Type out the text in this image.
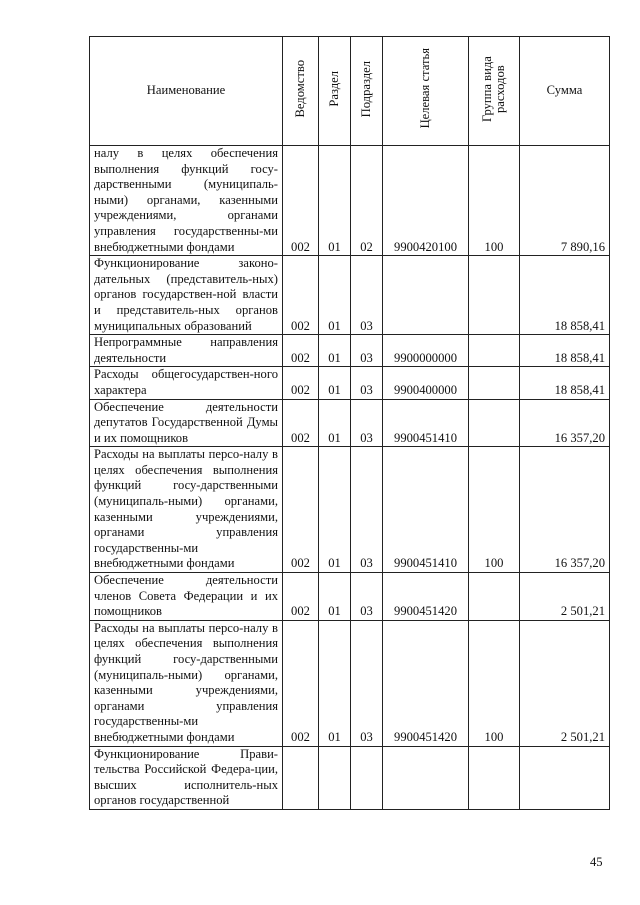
Наименование	Ведомство	Раздел	Подраздел	Целевая статья	Группа вида расходов	Сумма
налу в целях обеспечения выполнения функций госу-дарственными (муниципаль-ными) органами, казенными учреждениями, органами управления государственны-ми внебюджетными фондами	002	01	02	9900420100	100	7 890,16
Функционирование законо-дательных (представитель-ных) органов государствен-ной власти и представитель-ных органов муниципальных образований	002	01	03			18 858,41
Непрограммные направления деятельности	002	01	03	9900000000		18 858,41
Расходы общегосударствен-ного характера	002	01	03	9900400000		18 858,41
Обеспечение деятельности депутатов Государственной Думы и их помощников	002	01	03	9900451410		16 357,20
Расходы на выплаты персо-налу в целях обеспечения выполнения функций госу-дарственными (муниципаль-ными) органами, казенными учреждениями, органами управления государственны-ми внебюджетными фондами	002	01	03	9900451410	100	16 357,20
Обеспечение деятельности членов Совета Федерации и их помощников	002	01	03	9900451420		2 501,21
Расходы на выплаты персо-налу в целях обеспечения выполнения функций госу-дарственными (муниципаль-ными) органами, казенными учреждениями, органами управления государственны-ми внебюджетными фондами	002	01	03	9900451420	100	2 501,21
Функционирование Прави-тельства Российской Федера-ции, высших исполнитель-ных органов государственной						
45
